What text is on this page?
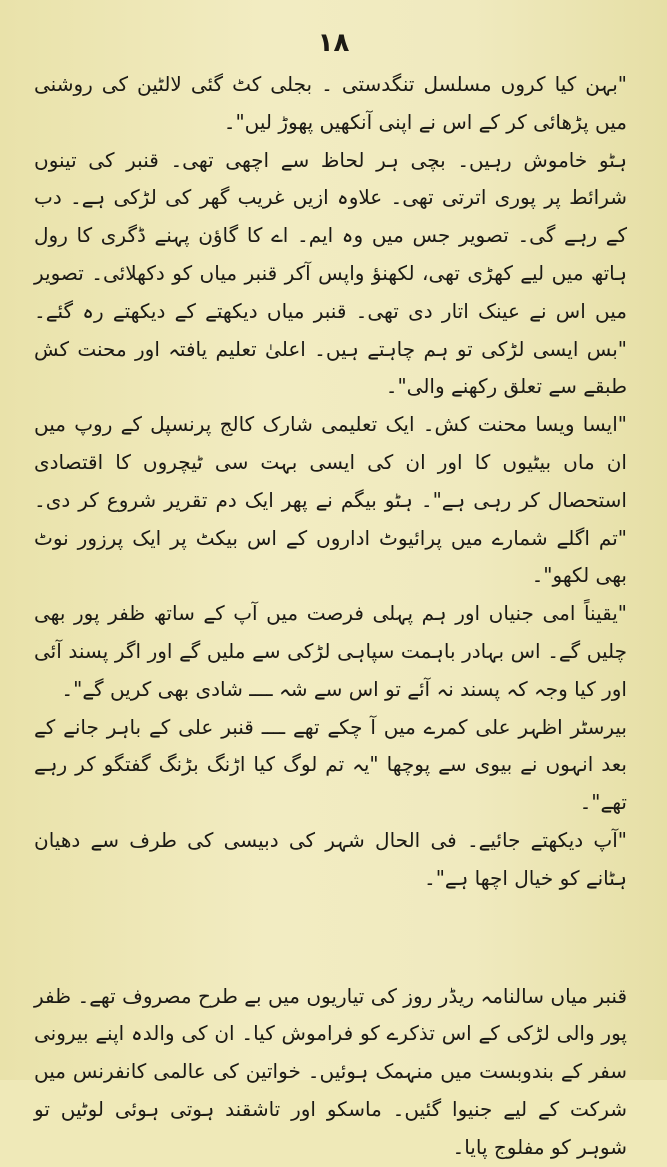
١٨

"بہن کیا کروں مسلسل تنگدستی ۔ بجلی کٹ گئی لالٹین کی روشنی میں پڑھائی کر کے اس نے اپنی آنکھیں پھوڑ لیں"۔

ہٹو خاموش رہیں۔ بچی ہر لحاظ سے اچھی تھی۔ قنبر کی تینوں شرائط پر پوری اترتی تھی۔ علاوہ ازیں غریب گھر کی لڑکی ہے۔ دب کے رہے گی۔ تصویر جس میں وہ ایم۔ اے کا گاؤن پہنے ڈگری کا رول ہاتھ میں لیے کھڑی تھی، لکھنؤ واپس آکر قنبر میاں کو دکھلائی۔ تصویر میں اس نے عینک اتار دی تھی۔ قنبر میاں دیکھتے کے دیکھتے رہ گئے۔ "بس ایسی لڑکی تو ہم چاہتے ہیں۔ اعلیٰ تعلیم یافتہ اور محنت کش طبقے سے تعلق رکھنے والی"۔

"ایسا ویسا محنت کش۔ ایک تعلیمی شارک کالج پرنسپل کے روپ میں ان ماں بیٹیوں کا اور ان کی ایسی بہت سی ٹیچروں کا اقتصادی استحصال کر رہی ہے"۔ ہٹو بیگم نے پھر ایک دم تقریر شروع کر دی۔ "تم اگلے شمارے میں پرائیوٹ اداروں کے اس بیکٹ پر ایک پرزور نوٹ بھی لکھو"۔

"یقیناً امی جنیاں اور ہم پہلی فرصت میں آپ کے ساتھ ظفر پور بھی چلیں گے۔ اس بہادر باہمت سپاہی لڑکی سے ملیں گے اور اگر پسند آئی اور کیا وجہ کہ پسند نہ آئے تو اس سے شہ ــــ شادی بھی کریں گے"۔

بیرسٹر اظہر علی کمرے میں آ چکے تھے ــــ قنبر علی کے باہر جانے کے بعد انہوں نے بیوی سے پوچھا "یہ تم لوگ کیا اڑنگ بڑنگ گفتگو کر رہے تھے"۔

"آپ دیکھتے جائیے۔ فی الحال شہر کی دبیسی کی طرف سے دھیان ہٹانے کو خیال اچھا ہے"۔

قنبر میاں سالنامہ ریڈر روز کی تیاریوں میں بے طرح مصروف تھے۔ ظفر پور والی لڑکی کے اس تذکرے کو فراموش کیا۔ ان کی والدہ اپنے بیرونی سفر کے بندوبست میں منہمک ہوئیں۔ خواتین کی عالمی کانفرنس میں شرکت کے لیے جنیوا گئیں۔ ماسکو اور تاشقند ہوتی ہوئی لوٹیں تو شوہر کو مفلوج پایا۔
